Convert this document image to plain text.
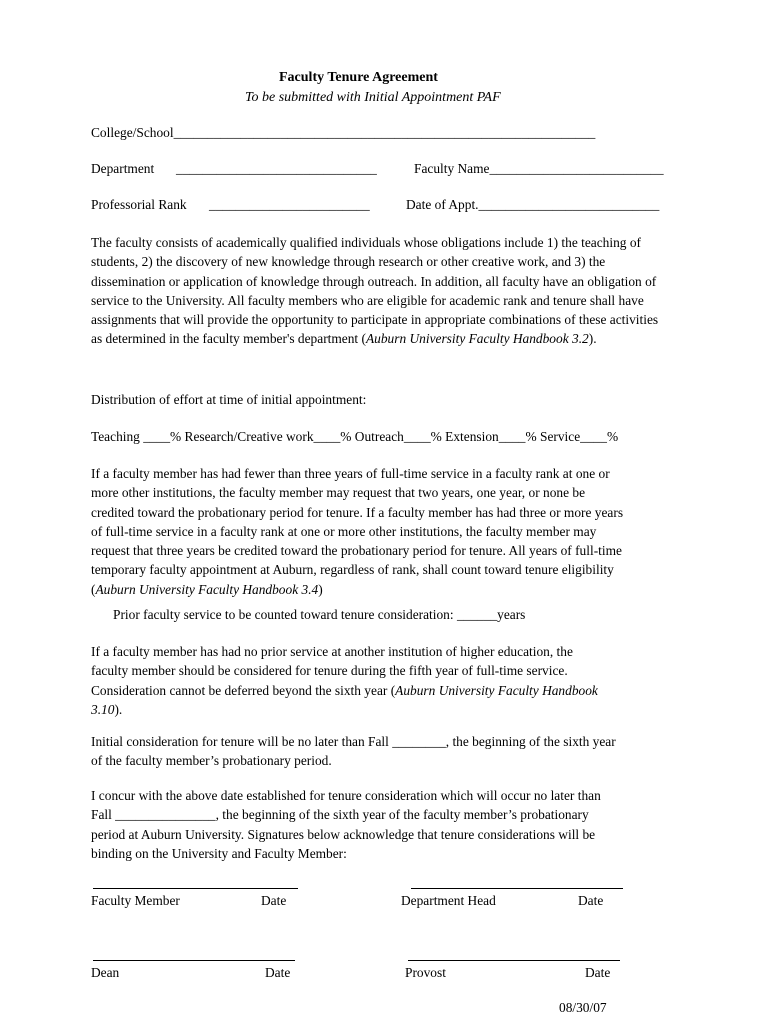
Faculty Tenure Agreement
To be submitted with Initial Appointment PAF
College/School_______________________________________________________________
Department ______________________________	Faculty Name__________________________
Professorial Rank ________________________	Date of Appt.___________________________
The faculty consists of academically qualified individuals whose obligations include 1) the teaching of students, 2) the discovery of new knowledge through research or other creative work, and 3) the dissemination or application of knowledge through outreach. In addition, all faculty have an obligation of service to the University. All faculty members who are eligible for academic rank and tenure shall have assignments that will provide the opportunity to participate in appropriate combinations of these activities as determined in the faculty member's department (Auburn University Faculty Handbook 3.2).
Distribution of effort at time of initial appointment:
Teaching ____% Research/Creative work____% Outreach____% Extension____% Service____%
If a faculty member has had fewer than three years of full-time service in a faculty rank at one or more other institutions, the faculty member may request that two years, one year, or none be credited toward the probationary period for tenure. If a faculty member has had three or more years of full-time service in a faculty rank at one or more other institutions, the faculty member may request that three years be credited toward the probationary period for tenure. All years of full-time temporary faculty appointment at Auburn, regardless of rank, shall count toward tenure eligibility (Auburn University Faculty Handbook 3.4)
Prior faculty service to be counted toward tenure consideration: ______years
If a faculty member has had no prior service at another institution of higher education, the faculty member should be considered for tenure during the fifth year of full-time service. Consideration cannot be deferred beyond the sixth year (Auburn University Faculty Handbook 3.10).
Initial consideration for tenure will be no later than Fall ________, the beginning of the sixth year of the faculty member’s probationary period.
I concur with the above date established for tenure consideration which will occur no later than Fall _______________, the beginning of the sixth year of the faculty member’s probationary period at Auburn University. Signatures below acknowledge that tenure considerations will be binding on the University and Faculty Member:
Faculty Member	Date	Department Head	Date
Dean	Date	Provost	Date
08/30/07
